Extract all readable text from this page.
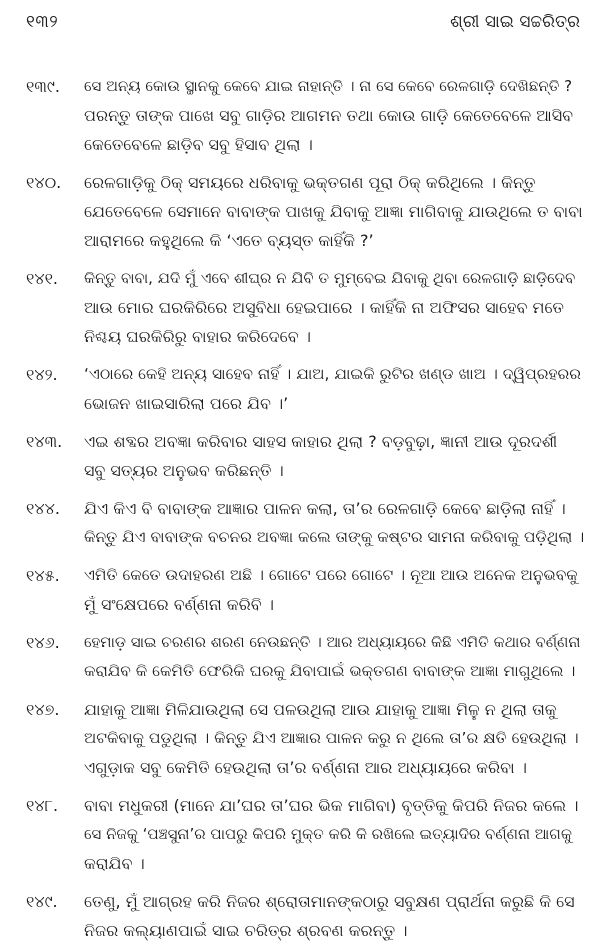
୧୩୨	ଶ୍ରୀ ସାଇ ସଚ୍ଚରିତ୍ର
୧୩୯.	ସେ ଅନ୍ୟ କୋଉ ସ୍ଥାନକୁ କେବେ ଯାଇ ନାହାନ୍ତି । ନା ସେ କେବେ ରେଳଗାଡ଼ି ଦେଖିଛନ୍ତି ?
ପରନ୍ତୁ ତାଙ୍କ ପାଖେ ସବୁ ଗାଡ଼ିର ଆଗମନ ତଥା କୋଉ ଗାଡ଼ି କେତେବେଳେ ଆସିବ
କେତେବେଳେ ଛାଡ଼ିବ ସବୁ ହିସାବ ଥିଲା ।
୧୪୦.	ରେଳଗାଡ଼ିକୁ ଠିକ୍ ସମୟରେ ଧରିବାକୁ ଭକ୍ତଗଣ ପୂରା ଠିକ୍ କରିଥିଲେ । କିନ୍ତୁ
ଯେତେବେଳେ ସେମାନେ ବାବାଙ୍କ ପାଖକୁ ଯିବାକୁ ଆଜ୍ଞା ମାଗିବାକୁ ଯାଉଥିଲେ ତ ବାବା
ଆରାମରେ କହୁଥିଲେ କି ‘ଏତେ ବ୍ୟସ୍ତ କାହିଁକି ?’
୧୪୧.	କିନ୍ତୁ ବାବା, ଯଦି ମୁଁ ଏବେ ଶୀଘ୍ର ନ ଯିବି ତ ମୁମ୍ବେଇ ଯିବାକୁ ଥିବା ରେଳଗାଡ଼ି ଛାଡ଼ିଦେବ
ଆଉ ମୋର ଘରକିରିରେ ଅସୁବିଧା ହେଇପାରେ । କାହିଁକି ନା ଅଫିସର ସାହେବ ମତେ
ନିଶ୍ଚୟ ଘରକିରିରୁ ବାହାର କରିଦେବେ ।
୧୪୨.	‘ଏଠାରେ କେହି ଅନ୍ୟ ସାହେବ ନାହିଁ । ଯାଅ, ଯାଇକି ରୁଟିର ଖଣ୍ଡ ଖାଅ । ଦ୍ୱିପ୍ରହରର
ଭୋଜନ ଖାଇସାରିଲା ପରେ ଯିବ ।’
୧୪୩.	ଏଇ ଶବ୍ଦର ଅବଜ୍ଞା କରିବାର ସାହସ କାହାର ଥିଲା ? ବଡ଼ବୁଢ଼ା, ଜ୍ଞାନୀ ଆଉ ଦୂରଦର୍ଶୀ
ସବୁ ସତ୍ୟର ଅନୁଭବ କରିଛନ୍ତି ।
୧୪୪.	ଯିଏ କିଏ ବି ବାବାଙ୍କ ଆଜ୍ଞାର ପାଳନ କଲା, ତା’ର ରେଳଗାଡ଼ି କେବେ ଛାଡ଼ିଲା ନାହିଁ ।
କିନ୍ତୁ ଯିଏ ବାବାଙ୍କ ବଚନର ଅବଜ୍ଞା କଲେ ତାଙ୍କୁ କଷ୍ଟର ସାମନା କରିବାକୁ ପଡ଼ିଥିଲା ।
୧୪୫.	ଏମିତି କେତେ ଉଦାହରଣ ଅଛି । ଗୋଟେ ପରେ ଗୋଟେ । ନୂଆ ଆଉ ଅନେକ ଅନୁଭବକୁ
ମୁଁ ସଂକ୍ଷେପରେ ବର୍ଣ୍ଣନା କରିବି ।
୧୪୬.	ହେମାଡ଼ ସାଇ ଚରଣର ଶରଣ ନେଉଛନ୍ତି । ଆର ଅଧ୍ୟାୟରେ କିଛି ଏମିତି କଥାର ବର୍ଣ୍ଣନା
କରାଯିବ କି କେମିତି ଫେରିକି ଘରକୁ ଯିବାପାଇଁ ଭକ୍ତଗଣ ବାବାଙ୍କ ଆଜ୍ଞା ମାଗୁଥିଲେ ।
୧୪୭.	ଯାହାକୁ ଆଜ୍ଞା ମିଳିଯାଉଥିଲା ସେ ପଳଉଥିଲା ଆଉ ଯାହାକୁ ଆଜ୍ଞା ମିଳୁ ନ ଥିଲା ତାକୁ
ଅଟକିବାକୁ ପଡୁଥିଲା । କିନ୍ତୁ ଯିଏ ଆଜ୍ଞାର ପାଳନ କରୁ ନ ଥିଲେ ତା’ର କ୍ଷତି ହେଉଥିଲା ।
ଏଗୁଡ଼ାକ ସବୁ କେମିତି ହେଉଥିଲା ତା’ର ବର୍ଣ୍ଣନା ଆର ଅଧ୍ୟାୟରେ କରିବା ।
୧୪୮.	ବାବା ମଧୁକରୀ (ମାନେ ଯା’ଘର ତା’ଘର ଭିକ ମାଗିବା) ବୃତ୍ତିକୁ କିପରି ନିଜର କଲେ ।
ସେ ନିଜକୁ ‘ପଞ୍ଚସୁନା’ର ପାପରୁ କିପରି ମୁକ୍ତ କରି କି ରଖିଲେ ଇତ୍ୟାଦିର ବର୍ଣ୍ଣନା ଆଗକୁ
କରାଯିବ ।
୧୪୯.	ତେଣୁ, ମୁଁ ଆଗ୍ରହ କରି ନିଜର ଶ୍ରୋତାମାନଙ୍କଠାରୁ ସବୁକ୍ଷଣ ପ୍ରାର୍ଥନା କରୁଛି କି ସେ
ନିଜର କଲ୍ୟାଣପାଇଁ ସାଇ ଚରିତ୍ର ଶ୍ରବଣ କରନ୍ତୁ ।
